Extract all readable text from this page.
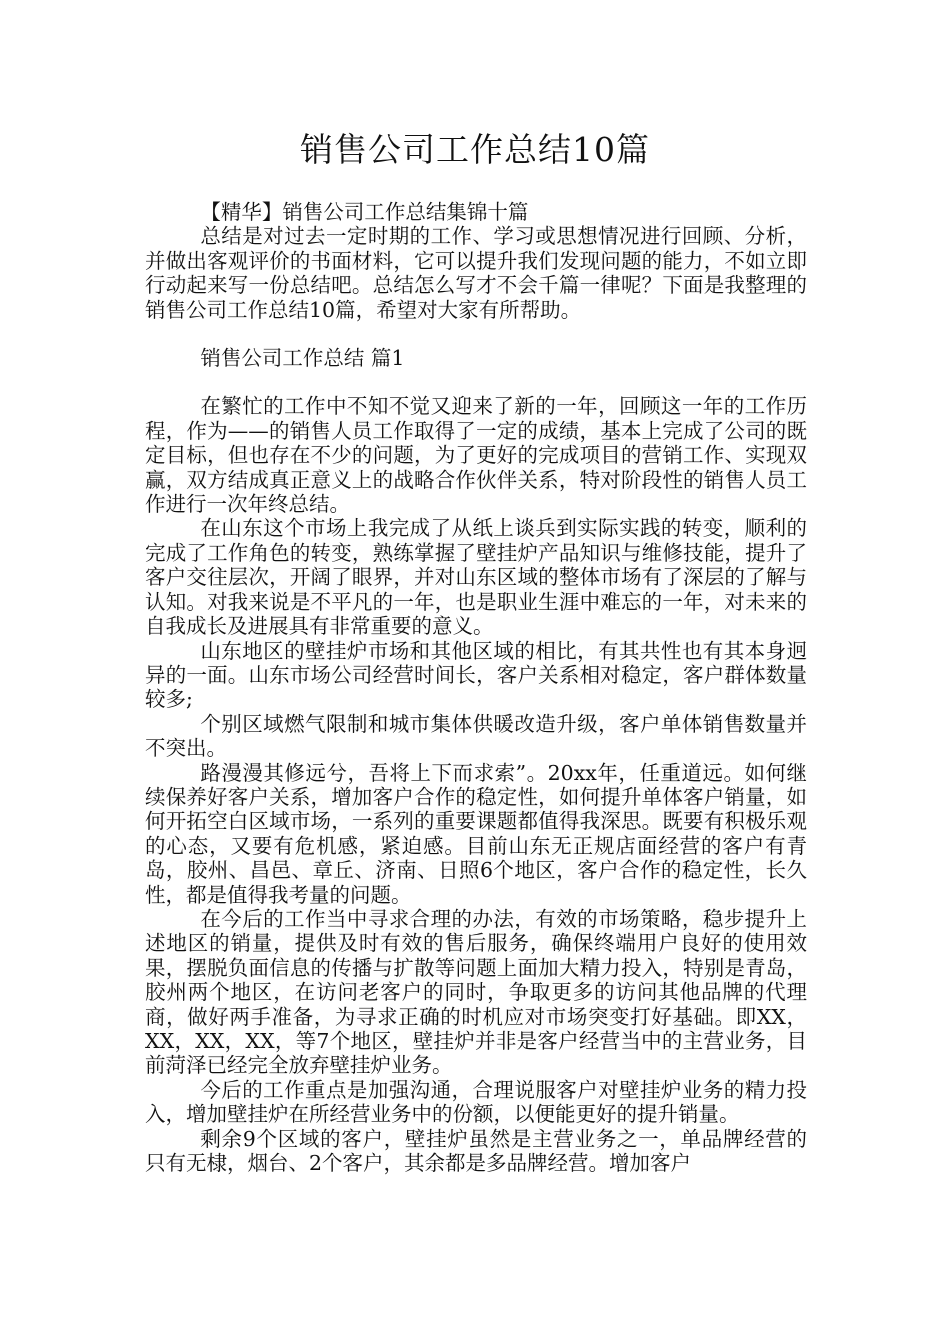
销售公司工作总结10篇

【精华】销售公司工作总结集锦十篇

总结是对过去一定时期的工作、学习或思想情况进行回顾、分析，并做出客观评价的书面材料，它可以提升我们发现问题的能力，不如立即行动起来写一份总结吧。总结怎么写才不会千篇一律呢？下面是我整理的销售公司工作总结10篇，希望对大家有所帮助。

销售公司工作总结 篇1

在繁忙的工作中不知不觉又迎来了新的一年，回顾这一年的工作历程，作为——的销售人员工作取得了一定的成绩，基本上完成了公司的既定目标，但也存在不少的问题，为了更好的完成项目的营销工作、实现双赢，双方结成真正意义上的战略合作伙伴关系，特对阶段性的销售人员工作进行一次年终总结。

在山东这个市场上我完成了从纸上谈兵到实际实践的转变，顺利的完成了工作角色的转变，熟练掌握了壁挂炉产品知识与维修技能，提升了客户交往层次，开阔了眼界，并对山东区域的整体市场有了深层的了解与认知。对我来说是不平凡的一年，也是职业生涯中难忘的一年，对未来的自我成长及进展具有非常重要的意义。

山东地区的壁挂炉市场和其他区域的相比，有其共性也有其本身迥异的一面。山东市场公司经营时间长，客户关系相对稳定，客户群体数量较多;

个别区域燃气限制和城市集体供暖改造升级，客户单体销售数量并不突出。

路漫漫其修远兮，吾将上下而求索”。20xx年，任重道远。如何继续保养好客户关系，增加客户合作的稳定性，如何提升单体客户销量，如何开拓空白区域市场，一系列的重要课题都值得我深思。既要有积极乐观的心态，又要有危机感，紧迫感。目前山东无正规店面经营的客户有青岛，胶州、昌邑、章丘、济南、日照6个地区，客户合作的稳定性，长久性，都是值得我考量的问题。

在今后的工作当中寻求合理的办法，有效的市场策略，稳步提升上述地区的销量，提供及时有效的售后服务，确保终端用户良好的使用效果，摆脱负面信息的传播与扩散等问题上面加大精力投入，特别是青岛，胶州两个地区，在访问老客户的同时，争取更多的访问其他品牌的代理商，做好两手准备，为寻求正确的时机应对市场突变打好基础。即XX，XX，XX，XX，等7个地区，壁挂炉并非是客户经营当中的主营业务，目前菏泽已经完全放弃壁挂炉业务。

今后的工作重点是加强沟通，合理说服客户对壁挂炉业务的精力投入，增加壁挂炉在所经营业务中的份额，以便能更好的提升销量。

剩余9个区域的客户，壁挂炉虽然是主营业务之一，单品牌经营的只有无棣，烟台、2个客户，其余都是多品牌经营。增加客户
